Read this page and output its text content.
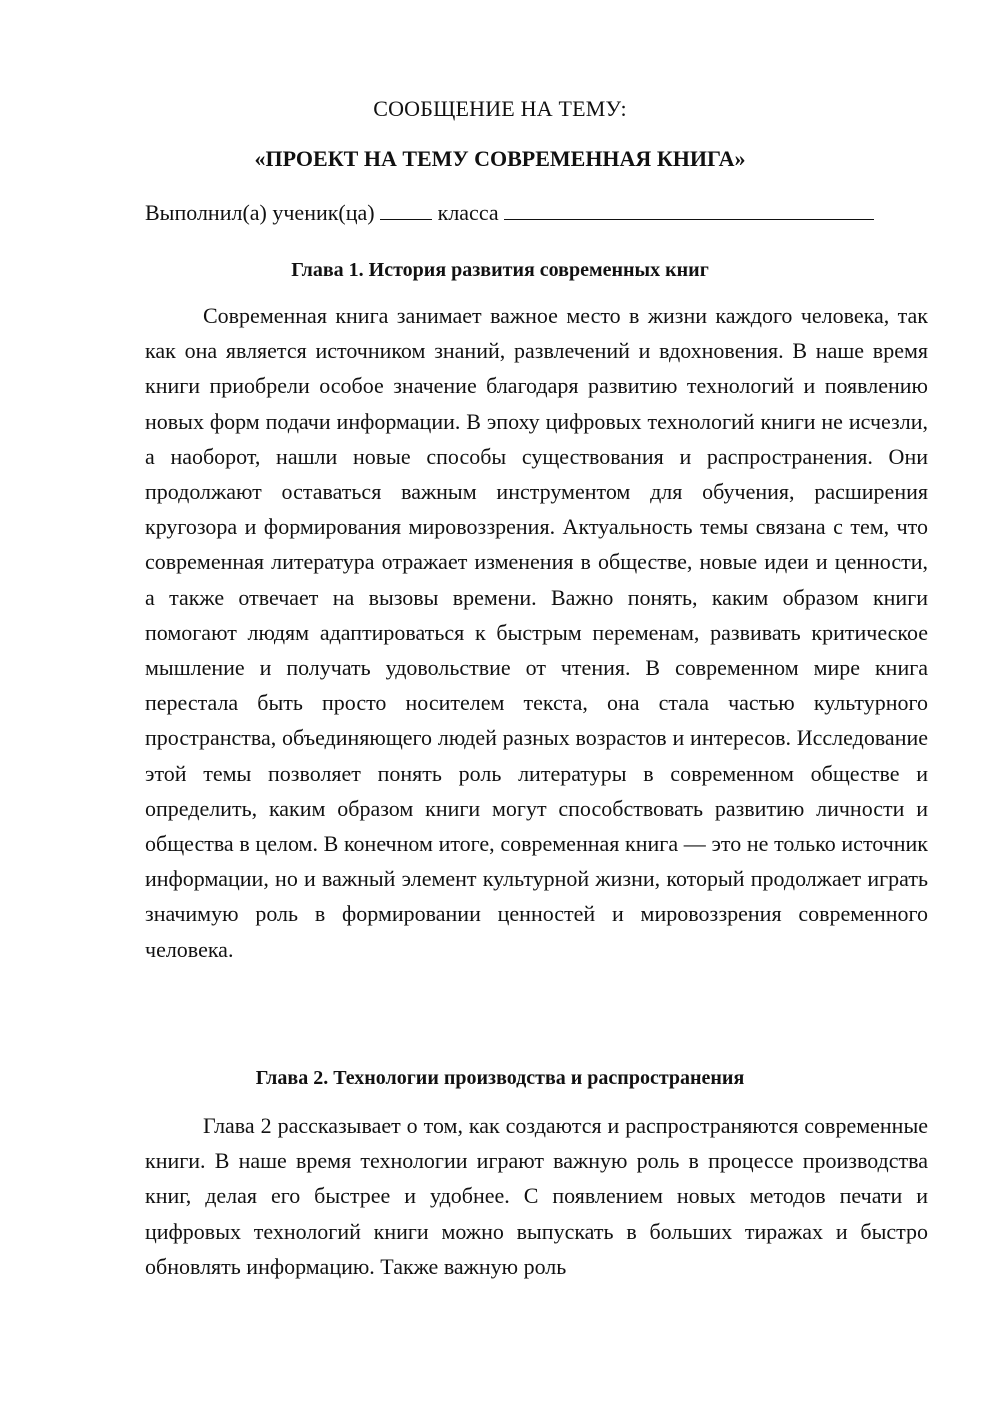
СООБЩЕНИЕ НА ТЕМУ:
«ПРОЕКТ НА ТЕМУ СОВРЕМЕННАЯ КНИГА»
Выполнил(а) ученик(ца)	класса
Глава 1. История развития современных книг

Современная книга занимает важное место в жизни каждого человека, так как она является источником знаний, развлечений и вдохновения. В наше время книги приобрели особое значение благодаря развитию технологий и появлению новых форм подачи информации. В эпоху цифровых технологий книги не исчезли, а наоборот, нашли новые способы существования и распространения. Они продолжают оставаться важным инструментом для обучения, расширения кругозора и формирования мировоззрения. Актуальность темы связана с тем, что современная литература отражает изменения в обществе, новые идеи и ценности, а также отвечает на вызовы времени. Важно понять, каким образом книги помогают людям адаптироваться к быстрым переменам, развивать критическое мышление и получать удовольствие от чтения. В современном мире книга перестала быть просто носителем текста, она стала частью культурного пространства, объединяющего людей разных возрастов и интересов. Исследование этой темы позволяет понять роль литературы в современном обществе и определить, каким образом книги могут способствовать развитию личности и общества в целом. В конечном итоге, современная книга — это не только источник информации, но и важный элемент культурной жизни, который продолжает играть значимую роль в формировании ценностей и мировоззрения современного человека.

Глава 2. Технологии производства и распространения

Глава 2 рассказывает о том, как создаются и распространяются современные книги. В наше время технологии играют важную роль в процессе производства книг, делая его быстрее и удобнее. С появлением новых методов печати и цифровых технологий книги можно выпускать в больших тиражах и быстро обновлять информацию. Также важную роль
